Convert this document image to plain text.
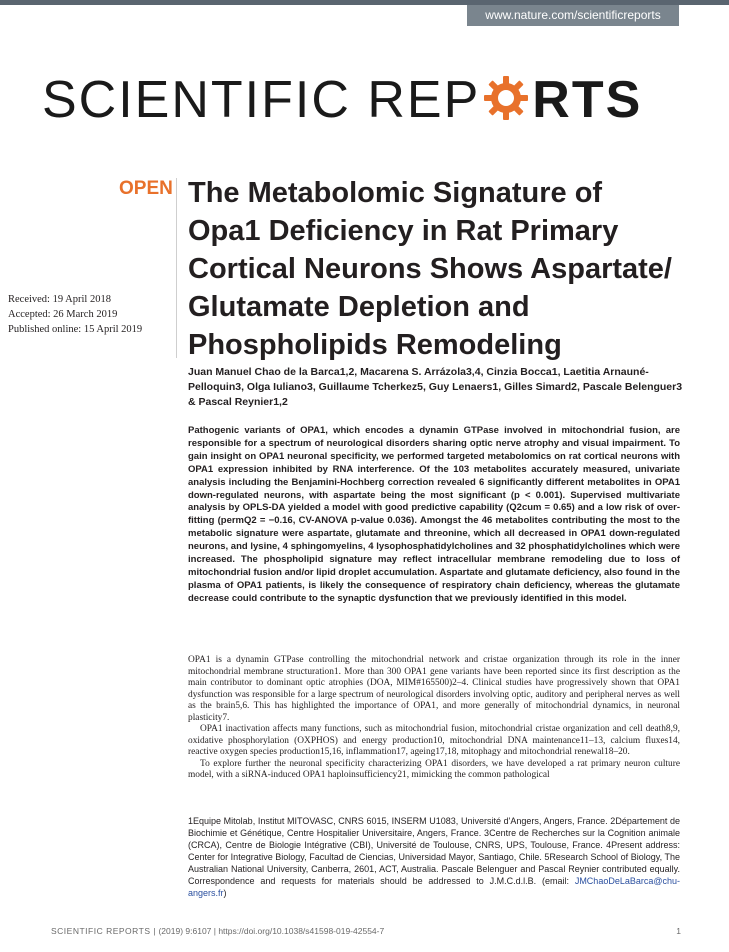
www.nature.com/scientificreports
SCIENTIFIC REP RTS
OPEN The Metabolomic Signature of
Opa1 Deficiency in Rat Primary
Cortical Neurons Shows Aspartate/
Glutamate Depletion and
Phospholipids Remodeling
Received: 19 April 2018
Accepted: 26 March 2019
Published online: 15 April 2019
Juan Manuel Chao de la Barca1,2, Macarena S. Arrázola3,4, Cinzia Bocca1, Laetitia Arnauné-Pelloquin3, Olga Iuliano3, Guillaume Tcherkez5, Guy Lenaers1, Gilles Simard2, Pascale Belenguer3 & Pascal Reynier1,2
Pathogenic variants of OPA1, which encodes a dynamin GTPase involved in mitochondrial fusion, are responsible for a spectrum of neurological disorders sharing optic nerve atrophy and visual impairment. To gain insight on OPA1 neuronal specificity, we performed targeted metabolomics on rat cortical neurons with OPA1 expression inhibited by RNA interference. Of the 103 metabolites accurately measured, univariate analysis including the Benjamini-Hochberg correction revealed 6 significantly different metabolites in OPA1 down-regulated neurons, with aspartate being the most significant (p < 0.001). Supervised multivariate analysis by OPLS-DA yielded a model with good predictive capability (Q2cum = 0.65) and a low risk of over-fitting (permQ2 = −0.16, CV-ANOVA p-value 0.036). Amongst the 46 metabolites contributing the most to the metabolic signature were aspartate, glutamate and threonine, which all decreased in OPA1 down-regulated neurons, and lysine, 4 sphingomyelins, 4 lysophosphatidylcholines and 32 phosphatidylcholines which were increased. The phospholipid signature may reflect intracellular membrane remodeling due to loss of mitochondrial fusion and/or lipid droplet accumulation. Aspartate and glutamate deficiency, also found in the plasma of OPA1 patients, is likely the consequence of respiratory chain deficiency, whereas the glutamate decrease could contribute to the synaptic dysfunction that we previously identified in this model.

OPA1 is a dynamin GTPase controlling the mitochondrial network and cristae organization through its role in the inner mitochondrial membrane structuration1. More than 300 OPA1 gene variants have been reported since its first description as the main contributor to dominant optic atrophies (DOA, MIM#165500)2–4. Clinical studies have progressively shown that OPA1 dysfunction was responsible for a large spectrum of neurological disorders involving optic, auditory and peripheral nerves as well as the brain5,6. This has highlighted the importance of OPA1, and more generally of mitochondrial dynamics, in neuronal plasticity7.

OPA1 inactivation affects many functions, such as mitochondrial fusion, mitochondrial cristae organization and cell death8,9, oxidative phosphorylation (OXPHOS) and energy production10, mitochondrial DNA maintenance11–13, calcium fluxes14, reactive oxygen species production15,16, inflammation17, ageing17,18, mitophagy and mitochondrial renewal18–20.

To explore further the neuronal specificity characterizing OPA1 disorders, we have developed a rat primary neuron culture model, with a siRNA-induced OPA1 haploinsufficiency21, mimicking the common pathological

1Equipe Mitolab, Institut MITOVASC, CNRS 6015, INSERM U1083, Université d'Angers, Angers, France. 2Département de Biochimie et Génétique, Centre Hospitalier Universitaire, Angers, France. 3Centre de Recherches sur la Cognition animale (CRCA), Centre de Biologie Intégrative (CBI), Université de Toulouse, CNRS, UPS, Toulouse, France. 4Present address: Center for Integrative Biology, Facultad de Ciencias, Universidad Mayor, Santiago, Chile. 5Research School of Biology, The Australian National University, Canberra, 2601, ACT, Australia. Pascale Belenguer and Pascal Reynier contributed equally. Correspondence and requests for materials should be addressed to J.M.C.d.l.B. (email: JMChaoDeLaBarca@chu-angers.fr)
SCIENTIFIC REPORTS | (2019) 9:6107 | https://doi.org/10.1038/s41598-019-42554-7	1
